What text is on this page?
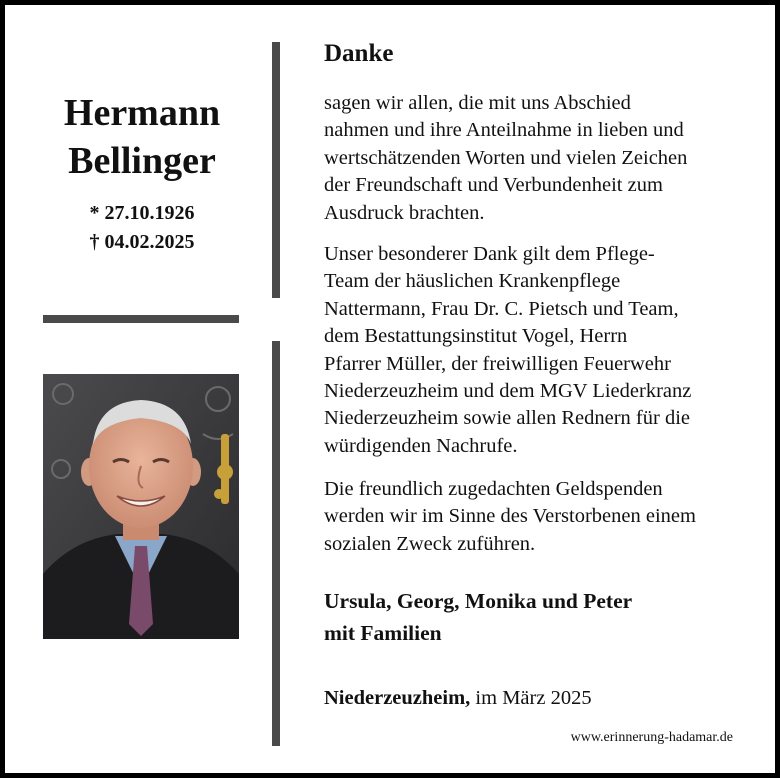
Hermann
Bellinger
* 27.10.1926
† 04.02.2025
Danke
sagen wir allen, die mit uns Abschied
nahmen und ihre Anteilnahme in lieben und
wertschätzenden Worten und vielen Zeichen
der Freundschaft und Verbundenheit zum
Ausdruck brachten.
Unser besonderer Dank gilt dem Pflege-
Team der häuslichen Krankenpflege
Nattermann, Frau Dr. C. Pietsch und Team,
dem Bestattungsinstitut Vogel, Herrn
Pfarrer Müller, der freiwilligen Feuerwehr
Niederzeuzheim und dem MGV Liederkranz
Niederzeuzheim sowie allen Rednern für die
würdigenden Nachrufe.
Die freundlich zugedachten Geldspenden
werden wir im Sinne des Verstorbenen einem
sozialen Zweck zuführen.
Ursula, Georg, Monika und Peter
mit Familien
Niederzeuzheim, im März 2025
www.erinnerung-hadamar.de
